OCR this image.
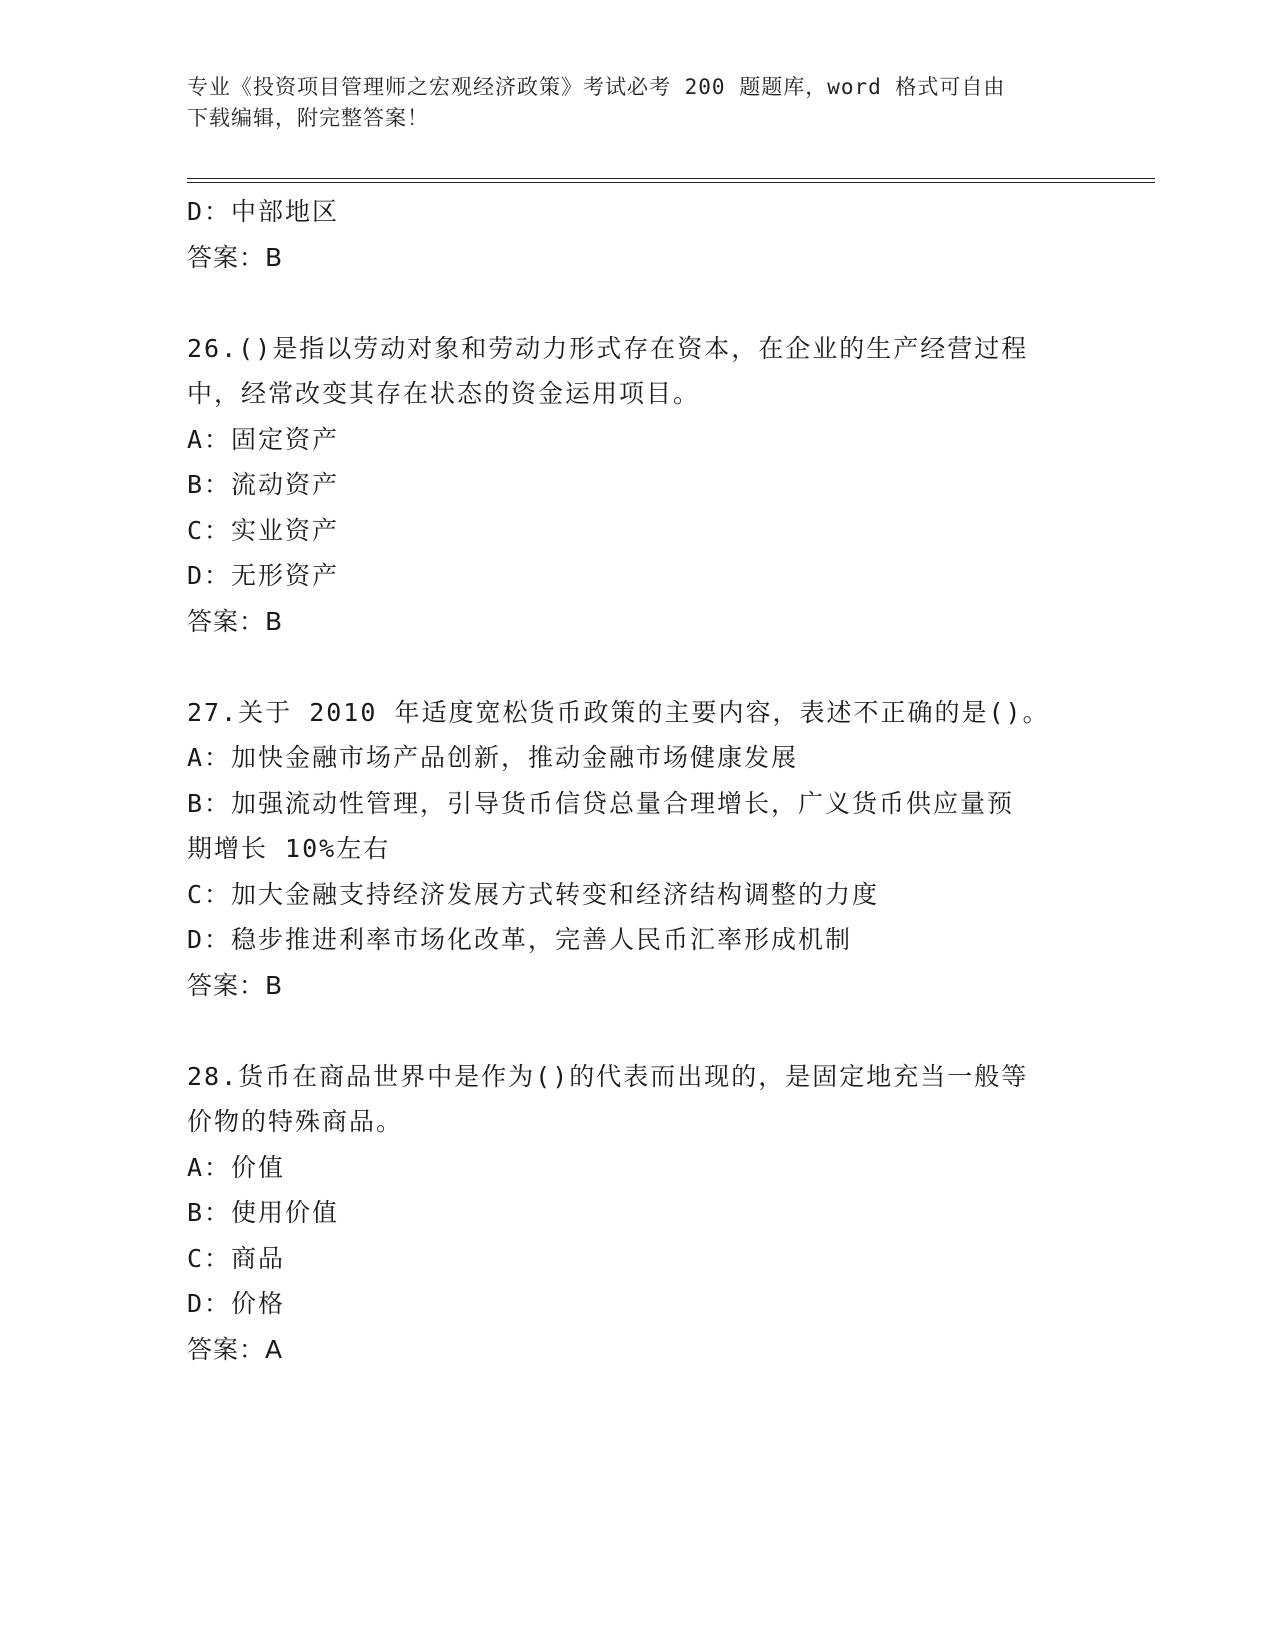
专业《投资项目管理师之宏观经济政策》考试必考 200 题题库，word 格式可自由

下载编辑，附完整答案！

D：中部地区

答案：B

26.()是指以劳动对象和劳动力形式存在资本，在企业的生产经营过程

中，经常改变其存在状态的资金运用项目。

A：固定资产

B：流动资产

C：实业资产

D：无形资产

答案：B

27.关于 2010 年适度宽松货币政策的主要内容，表述不正确的是()。

A：加快金融市场产品创新，推动金融市场健康发展

B：加强流动性管理，引导货币信贷总量合理增长，广义货币供应量预

期增长 10%左右

C：加大金融支持经济发展方式转变和经济结构调整的力度

D：稳步推进利率市场化改革，完善人民币汇率形成机制

答案：B

28.货币在商品世界中是作为()的代表而出现的，是固定地充当一般等

价物的特殊商品。

A：价值

B：使用价值

C：商品

D：价格

答案：A
